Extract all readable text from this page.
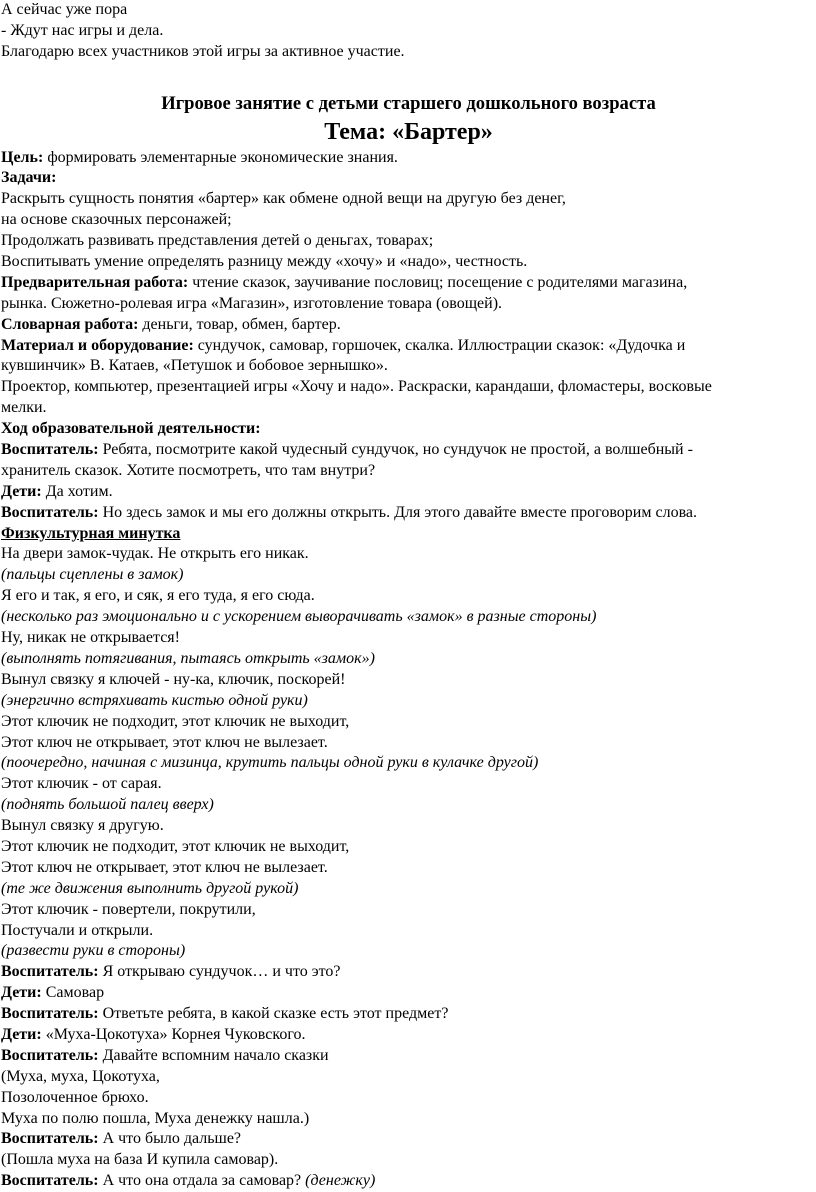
А сейчас уже пора
- Ждут нас игры и дела.
Благодарю всех участников этой игры за активное участие.
Игровое занятие с детьми старшего дошкольного возраста
Тема: «Бартер»
Цель: формировать элементарные экономические знания.
Задачи:
Раскрыть сущность понятия «бартер» как обмене одной вещи на другую без денег,
на основе сказочных персонажей;
Продолжать развивать представления детей о деньгах, товарах;
Воспитывать умение определять разницу между «хочу» и «надо», честность.
Предварительная работа: чтение сказок, заучивание пословиц; посещение с родителями магазина,
рынка. Сюжетно-ролевая игра «Магазин», изготовление товара (овощей).
Словарная работа: деньги, товар, обмен, бартер.
Материал и оборудование: сундучок, самовар, горшочек, скалка. Иллюстрации сказок: «Дудочка и
кувшинчик» В. Катаев, «Петушок и бобовое зернышко».
Проектор, компьютер, презентацией игры «Хочу и надо». Раскраски, карандаши, фломастеры, восковые
мелки.
Ход образовательной деятельности:
Воспитатель: Ребята, посмотрите какой чудесный сундучок, но сундучок не простой, а волшебный -
хранитель сказок. Хотите посмотреть, что там внутри?
Дети: Да хотим.
Воспитатель: Но здесь замок и мы его должны открыть. Для этого давайте вместе проговорим слова.
Физкультурная минутка
На двери замок-чудак. Не открыть его никак.
(пальцы сцеплены в замок)
Я его и так, я его, и сяк, я его туда, я его сюда.
(несколько раз эмоционально и с ускорением выворачивать «замок» в разные стороны)
Ну, никак не открывается!
(выполнять потягивания, пытаясь открыть «замок»)
Вынул связку я ключей - ну-ка, ключик, поскорей!
(энергично встряхивать кистью одной руки)
Этот ключик не подходит, этот ключик не выходит,
Этот ключ не открывает, этот ключ не вылезает.
(поочередно, начиная с мизинца, крутить пальцы одной руки в кулачке другой)
Этот ключик - от сарая.
(поднять большой палец вверх)
Вынул связку я другую.
Этот ключик не подходит, этот ключик не выходит,
Этот ключ не открывает, этот ключ не вылезает.
(те же движения выполнить другой рукой)
Этот ключик - повертели, покрутили,
Постучали и открыли.
(развести руки в стороны)
Воспитатель: Я открываю сундучок… и что это?
Дети: Самовар
Воспитатель: Ответьте ребята, в какой сказке есть этот предмет?
Дети: «Муха-Цокотуха» Корнея Чуковского.
Воспитатель: Давайте вспомним начало сказки
(Муха, муха, Цокотуха,
Позолоченное брюхо.
Муха по полю пошла, Муха денежку нашла.)
Воспитатель: А что было дальше?
(Пошла муха на база И купила самовар).
Воспитатель: А что она отдала за самовар? (денежку)
